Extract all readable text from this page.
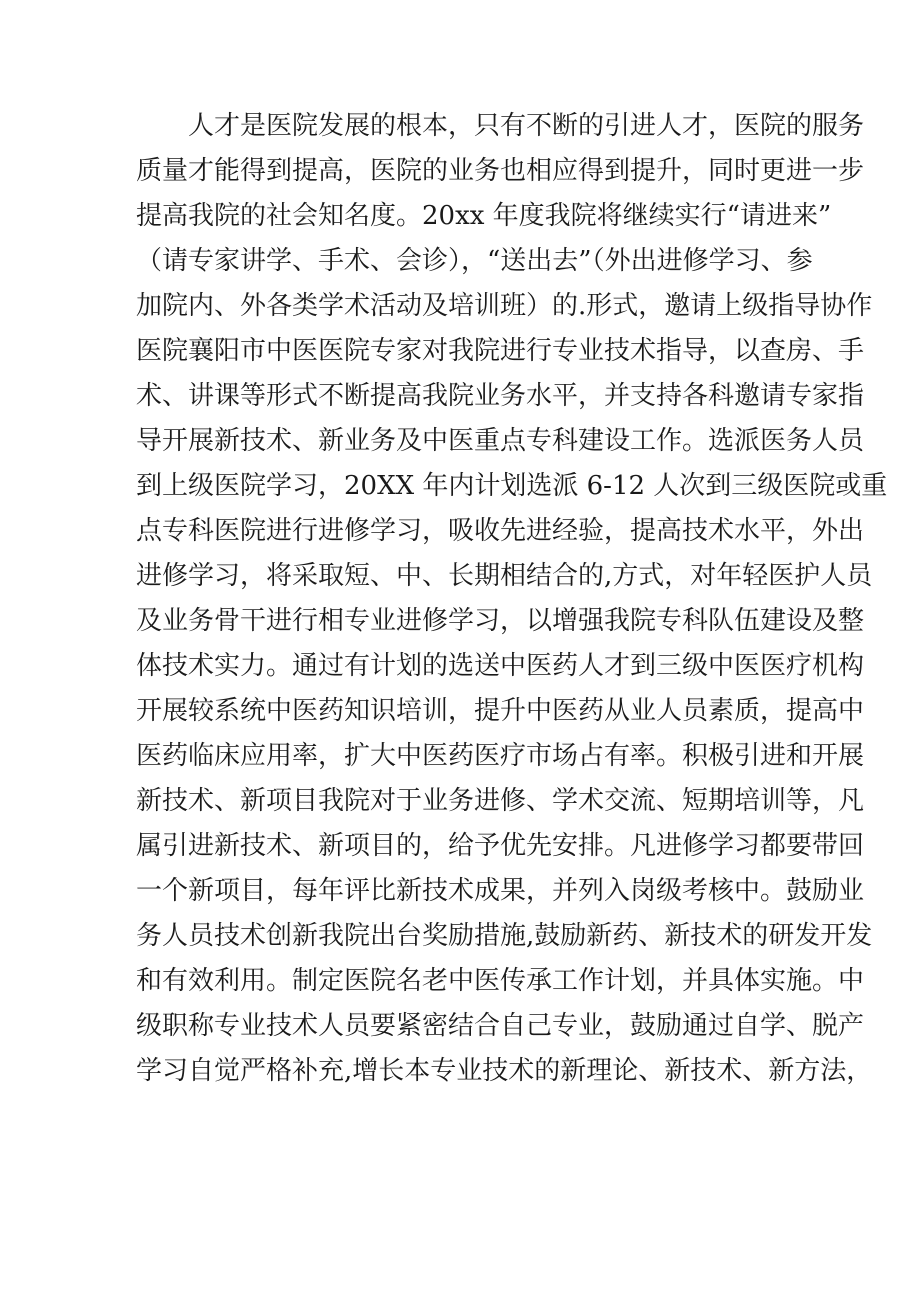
人才是医院发展的根本，只有不断的引进人才，医院的服务
质量才能得到提高，医院的业务也相应得到提升，同时更进一步
提高我院的社会知名度。20xx 年度我院将继续实行“请进来”
（请专家讲学、手术、会诊），“送出去”（外出进修学习、参
加院内、外各类学术活动及培训班）的.形式，邀请上级指导协作
医院襄阳市中医医院专家对我院进行专业技术指导，以查房、手
术、讲课等形式不断提高我院业务水平，并支持各科邀请专家指
导开展新技术、新业务及中医重点专科建设工作。选派医务人员
到上级医院学习，20XX 年内计划选派 6-12 人次到三级医院或重
点专科医院进行进修学习，吸收先进经验，提高技术水平，外出
进修学习，将采取短、中、长期相结合的,方式，对年轻医护人员
及业务骨干进行相专业进修学习，以增强我院专科队伍建设及整
体技术实力。通过有计划的选送中医药人才到三级中医医疗机构
开展较系统中医药知识培训，提升中医药从业人员素质，提高中
医药临床应用率，扩大中医药医疗市场占有率。积极引进和开展
新技术、新项目我院对于业务进修、学术交流、短期培训等，凡
属引进新技术、新项目的，给予优先安排。凡进修学习都要带回
一个新项目，每年评比新技术成果，并列入岗级考核中。鼓励业
务人员技术创新我院出台奖励措施,鼓励新药、新技术的研发开发
和有效利用。制定医院名老中医传承工作计划，并具体实施。中
级职称专业技术人员要紧密结合自己专业，鼓励通过自学、脱产
学习自觉严格补充,增长本专业技术的新理论、新技术、新方法，
